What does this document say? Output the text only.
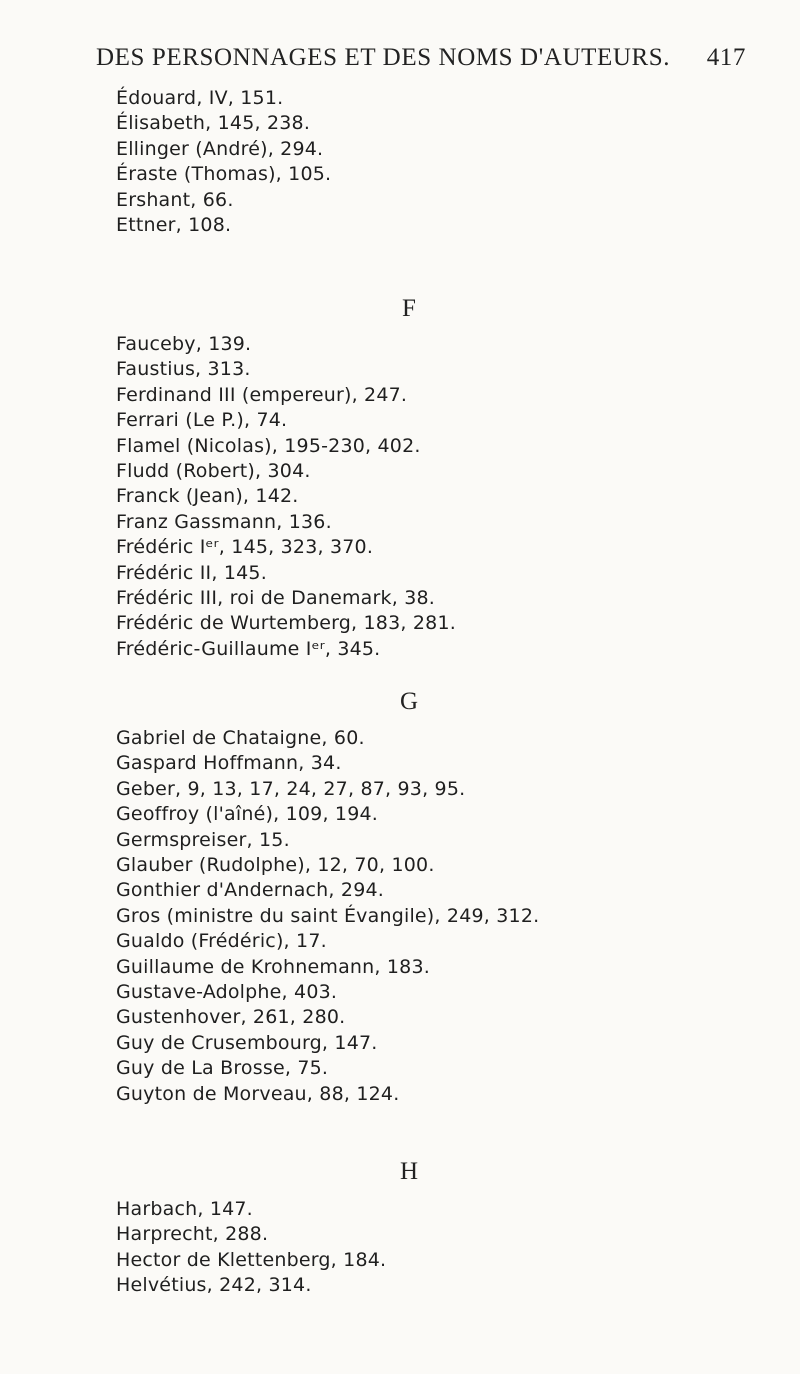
DES PERSONNAGES ET DES NOMS D'AUTEURS. 417
Édouard, IV, 151.
Élisabeth, 145, 238.
Ellinger (André), 294.
Éraste (Thomas), 105.
Ershant, 66.
Ettner, 108.
F
Fauceby, 139.
Faustius, 313.
Ferdinand III (empereur), 247.
Ferrari (Le P.), 74.
Flamel (Nicolas), 195-230, 402.
Fludd (Robert), 304.
Franck (Jean), 142.
Franz Gassmann, 136.
Frédéric Iᵉʳ, 145, 323, 370.
Frédéric II, 145.
Frédéric III, roi de Danemark, 38.
Frédéric de Wurtemberg, 183, 281.
Frédéric-Guillaume Iᵉʳ, 345.
G
Gabriel de Chataigne, 60.
Gaspard Hoffmann, 34.
Geber, 9, 13, 17, 24, 27, 87, 93, 95.
Geoffroy (l'aîné), 109, 194.
Germspreiser, 15.
Glauber (Rudolphe), 12, 70, 100.
Gonthier d'Andernach, 294.
Gros (ministre du saint Évangile), 249, 312.
Gualdo (Frédéric), 17.
Guillaume de Krohnemann, 183.
Gustave-Adolphe, 403.
Gustenhover, 261, 280.
Guy de Crusembourg, 147.
Guy de La Brosse, 75.
Guyton de Morveau, 88, 124.
H
Harbach, 147.
Harprecht, 288.
Hector de Klettenberg, 184.
Helvétius, 242, 314.
